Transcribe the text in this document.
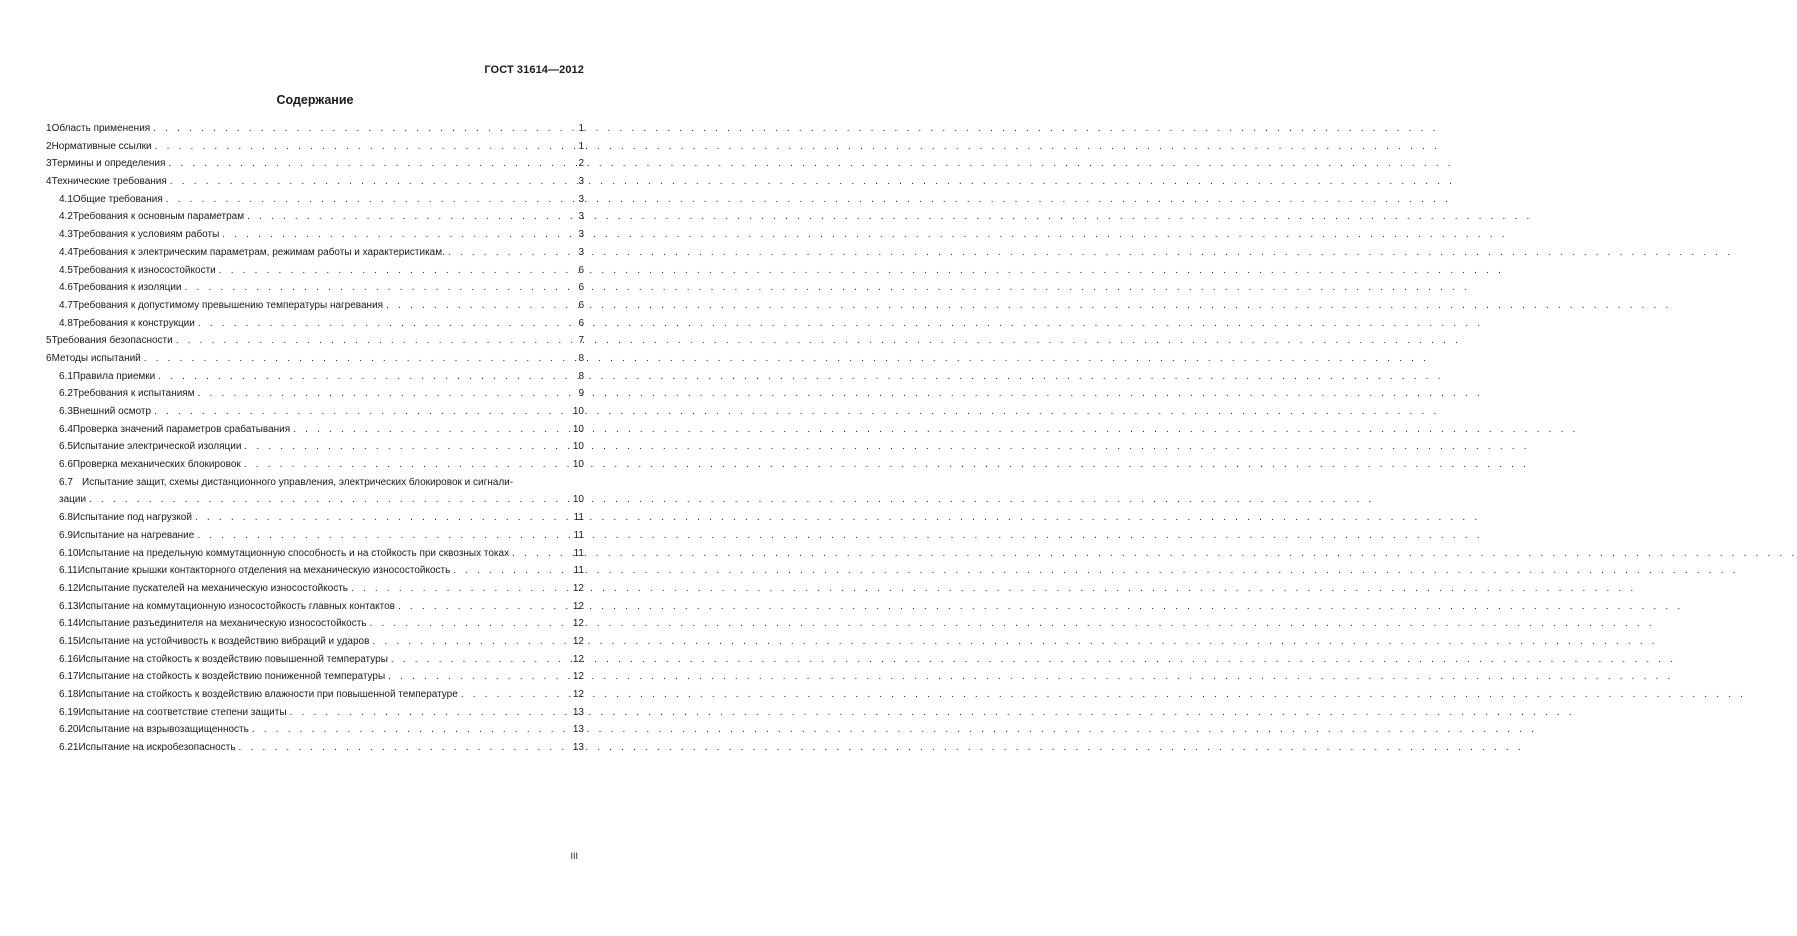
ГОСТ 31614—2012
Содержание
1 Область применения . . .	1
2 Нормативные ссылки . . .	1
3 Термины и определения . . .	2
4 Технические требования . . .	3
4.1 Общие требования . . .	3
4.2 Требования к основным параметрам . . .	3
4.3 Требования к условиям работы . . .	3
4.4 Требования к электрическим параметрам, режимам работы и характеристикам. . . .	3
4.5 Требования к износостойкости . . .	6
4.6 Требования к изоляции . . .	6
4.7 Требования к допустимому превышению температуры нагревания . . .	6
4.8 Требования к конструкции . . .	6
5 Требования безопасности . . .	7
6 Методы испытаний . . .	8
6.1 Правила приемки . . .	8
6.2 Требования к испытаниям . . .	9
6.3 Внешний осмотр . . .	10
6.4 Проверка значений параметров срабатывания . . .	10
6.5 Испытание электрической изоляции . . .	10
6.6 Проверка механических блокировок . . .	10
6.7 Испытание защит, схемы дистанционного управления, электрических блокировок и сигнали-
зации . . .	10
6.8 Испытание под нагрузкой . . .	11
6.9 Испытание на нагревание . . .	11
6.10 Испытание на предельную коммутационную способность и на стойкость при сквозных токах . . .	11
6.11 Испытание крышки контакторного отделения на механическую износостойкость . . .	11
6.12 Испытание пускателей на механическую износостойкость . . .	12
6.13 Испытание на коммутационную износостойкость главных контактов . . .	12
6.14 Испытание разъединителя на механическую износостойкость . . .	12
6.15 Испытание на устойчивость к воздействию вибраций и ударов . . .	12
6.16 Испытание на стойкость к воздействию повышенной температуры . . .	12
6.17 Испытание на стойкость к воздействию пониженной температуры . . .	12
6.18 Испытание на стойкость к воздействию влажности при повышенной температуре . . .	12
6.19 Испытание на соответствие степени защиты . . .	13
6.20 Испытание на взрывозащищенность . . .	13
6.21 Испытание на искробезопасность . . .	13
III
